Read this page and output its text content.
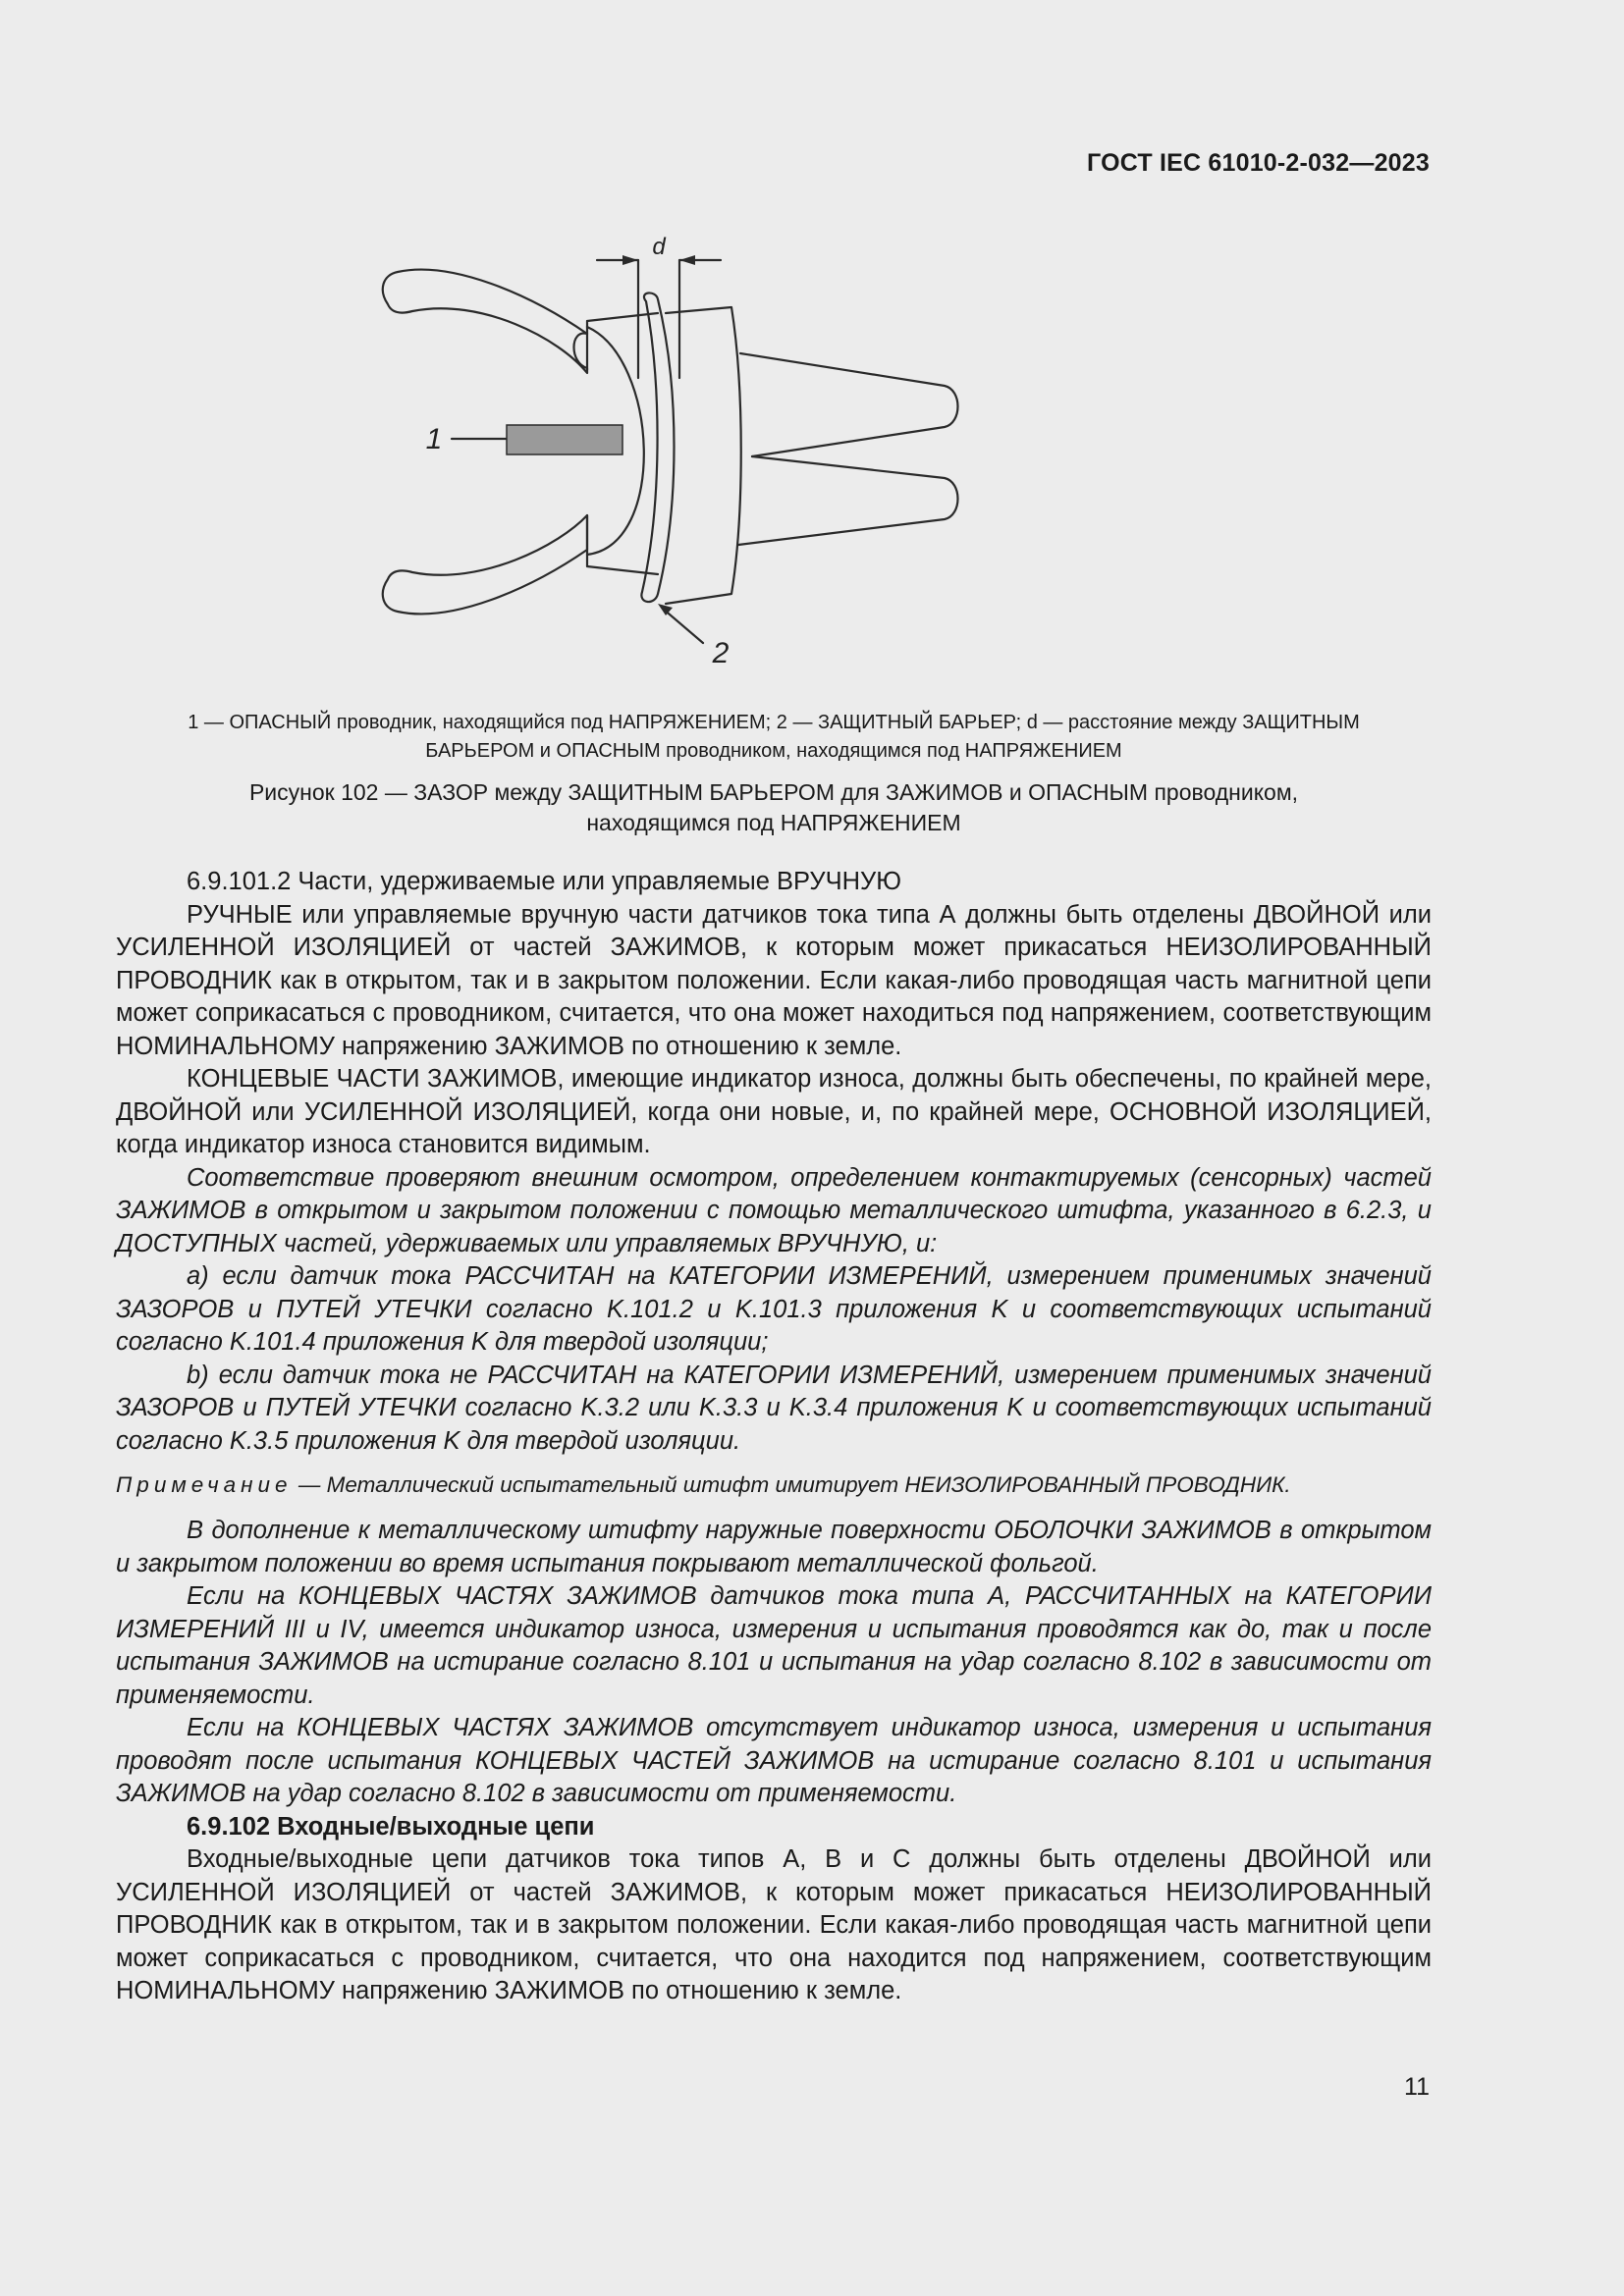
ГОСТ IEC 61010-2-032—2023
d
1
2
1 — ОПАСНЫЙ проводник, находящийся под НАПРЯЖЕНИЕМ; 2 — ЗАЩИТНЫЙ БАРЬЕР; d — расстояние между ЗАЩИТНЫМ
БАРЬЕРОМ и ОПАСНЫМ проводником, находящимся под НАПРЯЖЕНИЕМ
Рисунок 102 — ЗАЗОР между ЗАЩИТНЫМ БАРЬЕРОМ для ЗАЖИМОВ и ОПАСНЫМ проводником,
находящимся под НАПРЯЖЕНИЕМ

6.9.101.2 Части, удерживаемые или управляемые ВРУЧНУЮ

РУЧНЫЕ или управляемые вручную части датчиков тока типа А должны быть отделены ДВОЙНОЙ или УСИЛЕННОЙ ИЗОЛЯЦИЕЙ от частей ЗАЖИМОВ, к которым может прикасаться НЕИЗОЛИРОВАННЫЙ ПРОВОДНИК как в открытом, так и в закрытом положении. Если какая-либо проводящая часть магнитной цепи может соприкасаться с проводником, считается, что она может находиться под напряжением, соответствующим НОМИНАЛЬНОМУ напряжению ЗАЖИМОВ по отношению к земле.

КОНЦЕВЫЕ ЧАСТИ ЗАЖИМОВ, имеющие индикатор износа, должны быть обеспечены, по крайней мере, ДВОЙНОЙ или УСИЛЕННОЙ ИЗОЛЯЦИЕЙ, когда они новые, и, по крайней мере, ОСНОВНОЙ ИЗОЛЯЦИЕЙ, когда индикатор износа становится видимым.

Соответствие проверяют внешним осмотром, определением контактируемых (сенсорных) частей ЗАЖИМОВ в открытом и закрытом положении с помощью металлического штифта, указанного в 6.2.3, и ДОСТУПНЫХ частей, удерживаемых или управляемых ВРУЧНУЮ, и:

a) если датчик тока РАССЧИТАН на КАТЕГОРИИ ИЗМЕРЕНИЙ, измерением применимых значений ЗАЗОРОВ и ПУТЕЙ УТЕЧКИ согласно K.101.2 и K.101.3 приложения K и соответствующих испытаний согласно K.101.4 приложения K для твердой изоляции;

b) если датчик тока не РАССЧИТАН на КАТЕГОРИИ ИЗМЕРЕНИЙ, измерением применимых значений ЗАЗОРОВ и ПУТЕЙ УТЕЧКИ согласно K.3.2 или K.3.3 и K.3.4 приложения K и соответствующих испытаний согласно K.3.5 приложения K для твердой изоляции.

Примечание — Металлический испытательный штифт имитирует НЕИЗОЛИРОВАННЫЙ ПРОВОДНИК.

В дополнение к металлическому штифту наружные поверхности ОБОЛОЧКИ ЗАЖИМОВ в открытом и закрытом положении во время испытания покрывают металлической фольгой.

Если на КОНЦЕВЫХ ЧАСТЯХ ЗАЖИМОВ датчиков тока типа А, РАССЧИТАННЫХ на КАТЕГОРИИ ИЗМЕРЕНИЙ III и IV, имеется индикатор износа, измерения и испытания проводятся как до, так и после испытания ЗАЖИМОВ на истирание согласно 8.101 и испытания на удар согласно 8.102 в зависимости от применяемости.

Если на КОНЦЕВЫХ ЧАСТЯХ ЗАЖИМОВ отсутствует индикатор износа, измерения и испытания проводят после испытания КОНЦЕВЫХ ЧАСТЕЙ ЗАЖИМОВ на истирание согласно 8.101 и испытания ЗАЖИМОВ на удар согласно 8.102 в зависимости от применяемости.

6.9.102 Входные/выходные цепи

Входные/выходные цепи датчиков тока типов А, В и С должны быть отделены ДВОЙНОЙ или УСИЛЕННОЙ ИЗОЛЯЦИЕЙ от частей ЗАЖИМОВ, к которым может прикасаться НЕИЗОЛИРОВАННЫЙ ПРОВОДНИК как в открытом, так и в закрытом положении. Если какая-либо проводящая часть магнитной цепи может соприкасаться с проводником, считается, что она находится под напряжением, соответствующим НОМИНАЛЬНОМУ напряжению ЗАЖИМОВ по отношению к земле.

11
